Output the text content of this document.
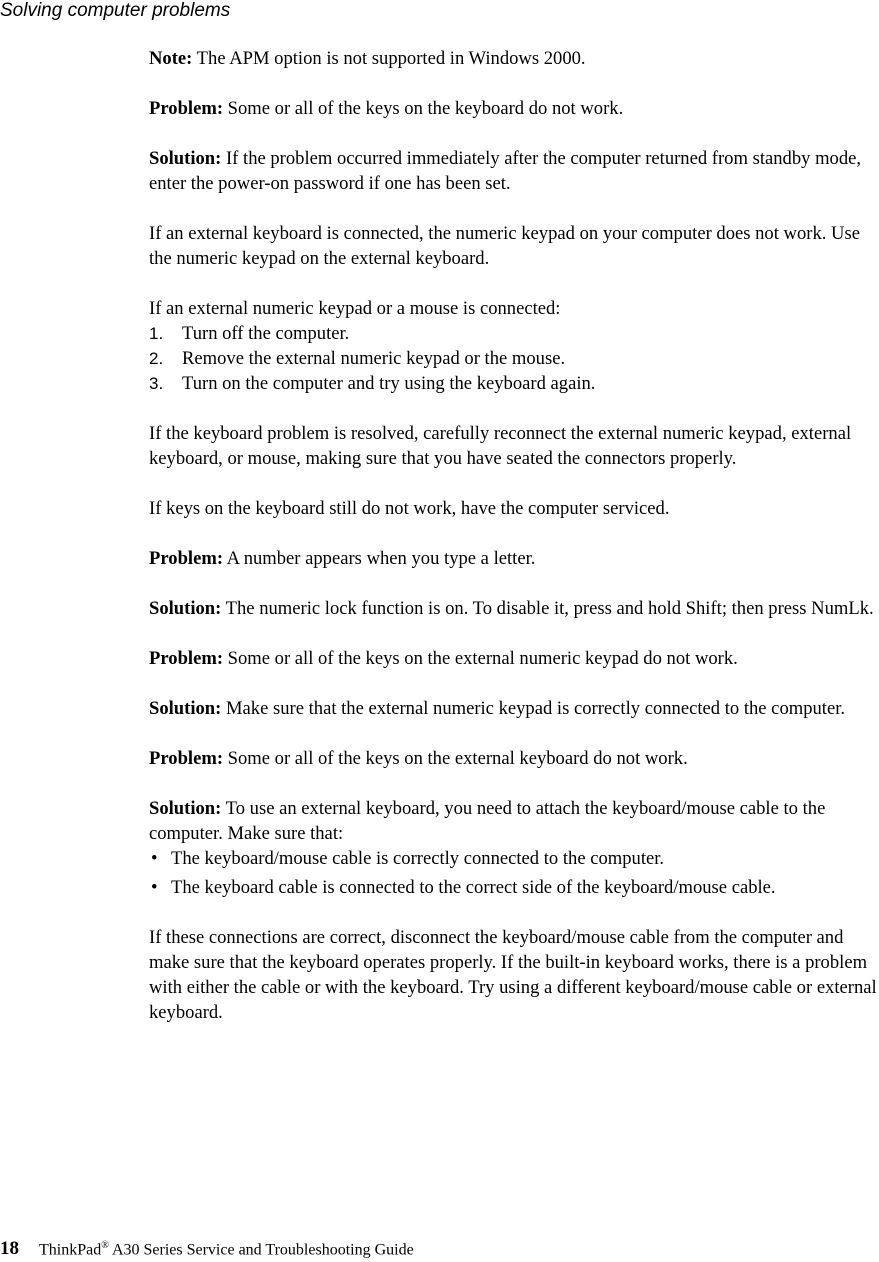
Solving computer problems

Note: The APM option is not supported in Windows 2000.

Problem: Some or all of the keys on the keyboard do not work.

Solution: If the problem occurred immediately after the computer returned from standby mode, enter the power-on password if one has been set.

If an external keyboard is connected, the numeric keypad on your computer does not work. Use the numeric keypad on the external keyboard.

If an external numeric keypad or a mouse is connected:

1. Turn off the computer.
2. Remove the external numeric keypad or the mouse.
3. Turn on the computer and try using the keyboard again.

If the keyboard problem is resolved, carefully reconnect the external numeric keypad, external keyboard, or mouse, making sure that you have seated the connectors properly.

If keys on the keyboard still do not work, have the computer serviced.

Problem: A number appears when you type a letter.

Solution: The numeric lock function is on. To disable it, press and hold Shift; then press NumLk.

Problem: Some or all of the keys on the external numeric keypad do not work.

Solution: Make sure that the external numeric keypad is correctly connected to the computer.

Problem: Some or all of the keys on the external keyboard do not work.

Solution: To use an external keyboard, you need to attach the keyboard/mouse cable to the computer. Make sure that:

• The keyboard/mouse cable is correctly connected to the computer.
• The keyboard cable is connected to the correct side of the keyboard/mouse cable.

If these connections are correct, disconnect the keyboard/mouse cable from the computer and make sure that the keyboard operates properly. If the built-in keyboard works, there is a problem with either the cable or with the keyboard. Try using a different keyboard/mouse cable or external keyboard.

18 ThinkPad® A30 Series Service and Troubleshooting Guide
